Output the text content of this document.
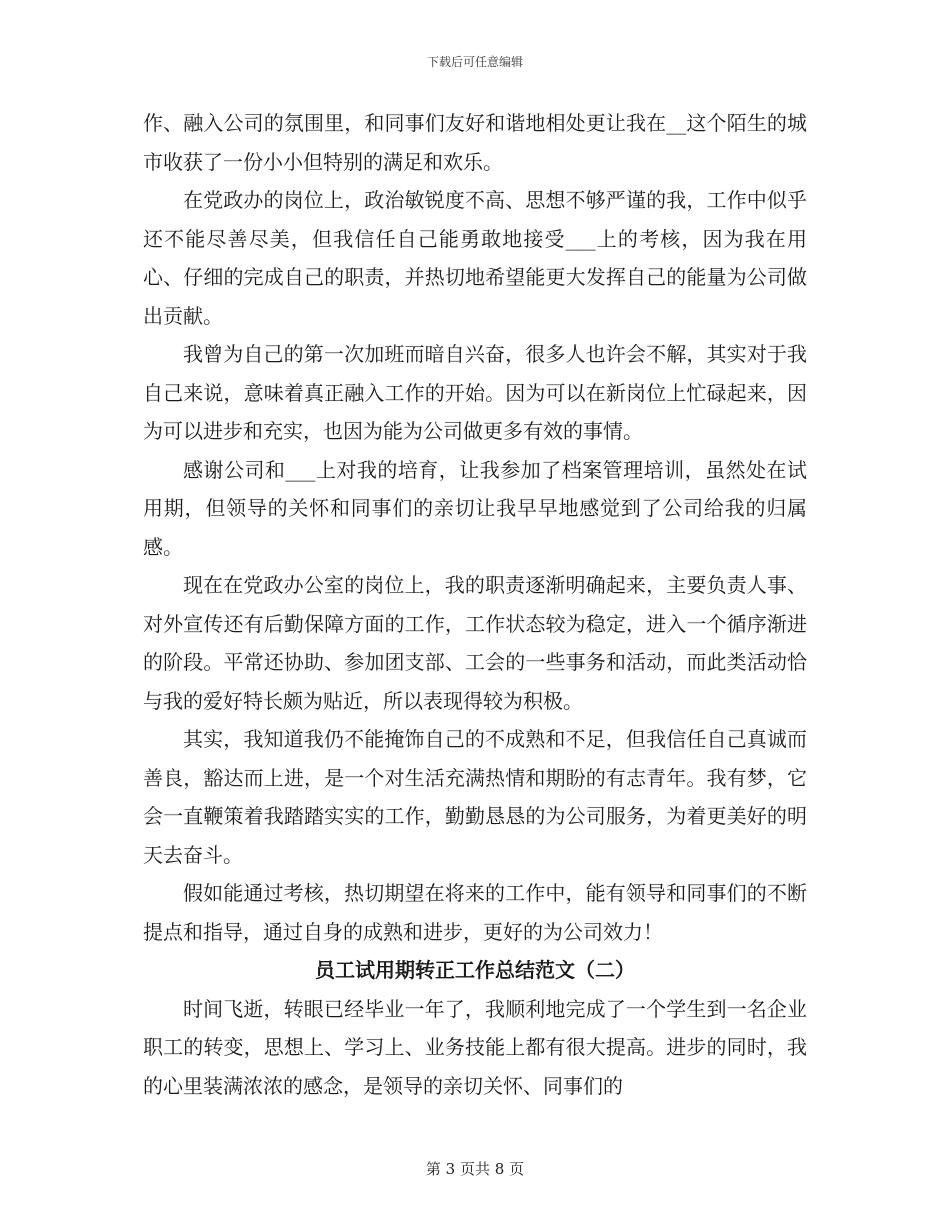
下载后可任意编辑

作、融入公司的氛围里，和同事们友好和谐地相处更让我在__这个陌生的城市收获了一份小小但特别的满足和欢乐。

在党政办的岗位上，政治敏锐度不高、思想不够严谨的我，工作中似乎还不能尽善尽美，但我信任自己能勇敢地接受___上的考核，因为我在用心、仔细的完成自己的职责，并热切地希望能更大发挥自己的能量为公司做出贡献。

我曾为自己的第一次加班而暗自兴奋，很多人也许会不解，其实对于我自己来说，意味着真正融入工作的开始。因为可以在新岗位上忙碌起来，因为可以进步和充实，也因为能为公司做更多有效的事情。

感谢公司和___上对我的培育，让我参加了档案管理培训，虽然处在试用期，但领导的关怀和同事们的亲切让我早早地感觉到了公司给我的归属感。

现在在党政办公室的岗位上，我的职责逐渐明确起来，主要负责人事、对外宣传还有后勤保障方面的工作，工作状态较为稳定，进入一个循序渐进的阶段。平常还协助、参加团支部、工会的一些事务和活动，而此类活动恰与我的爱好特长颇为贴近，所以表现得较为积极。

其实，我知道我仍不能掩饰自己的不成熟和不足，但我信任自己真诚而善良，豁达而上进，是一个对生活充满热情和期盼的有志青年。我有梦，它会一直鞭策着我踏踏实实的工作，勤勤恳恳的为公司服务，为着更美好的明天去奋斗。

假如能通过考核，热切期望在将来的工作中，能有领导和同事们的不断提点和指导，通过自身的成熟和进步，更好的为公司效力！

员工试用期转正工作总结范文（二）

时间飞逝，转眼已经毕业一年了，我顺利地完成了一个学生到一名企业职工的转变，思想上、学习上、业务技能上都有很大提高。进步的同时，我的心里装满浓浓的感念，是领导的亲切关怀、同事们的

第 3 页共 8 页
